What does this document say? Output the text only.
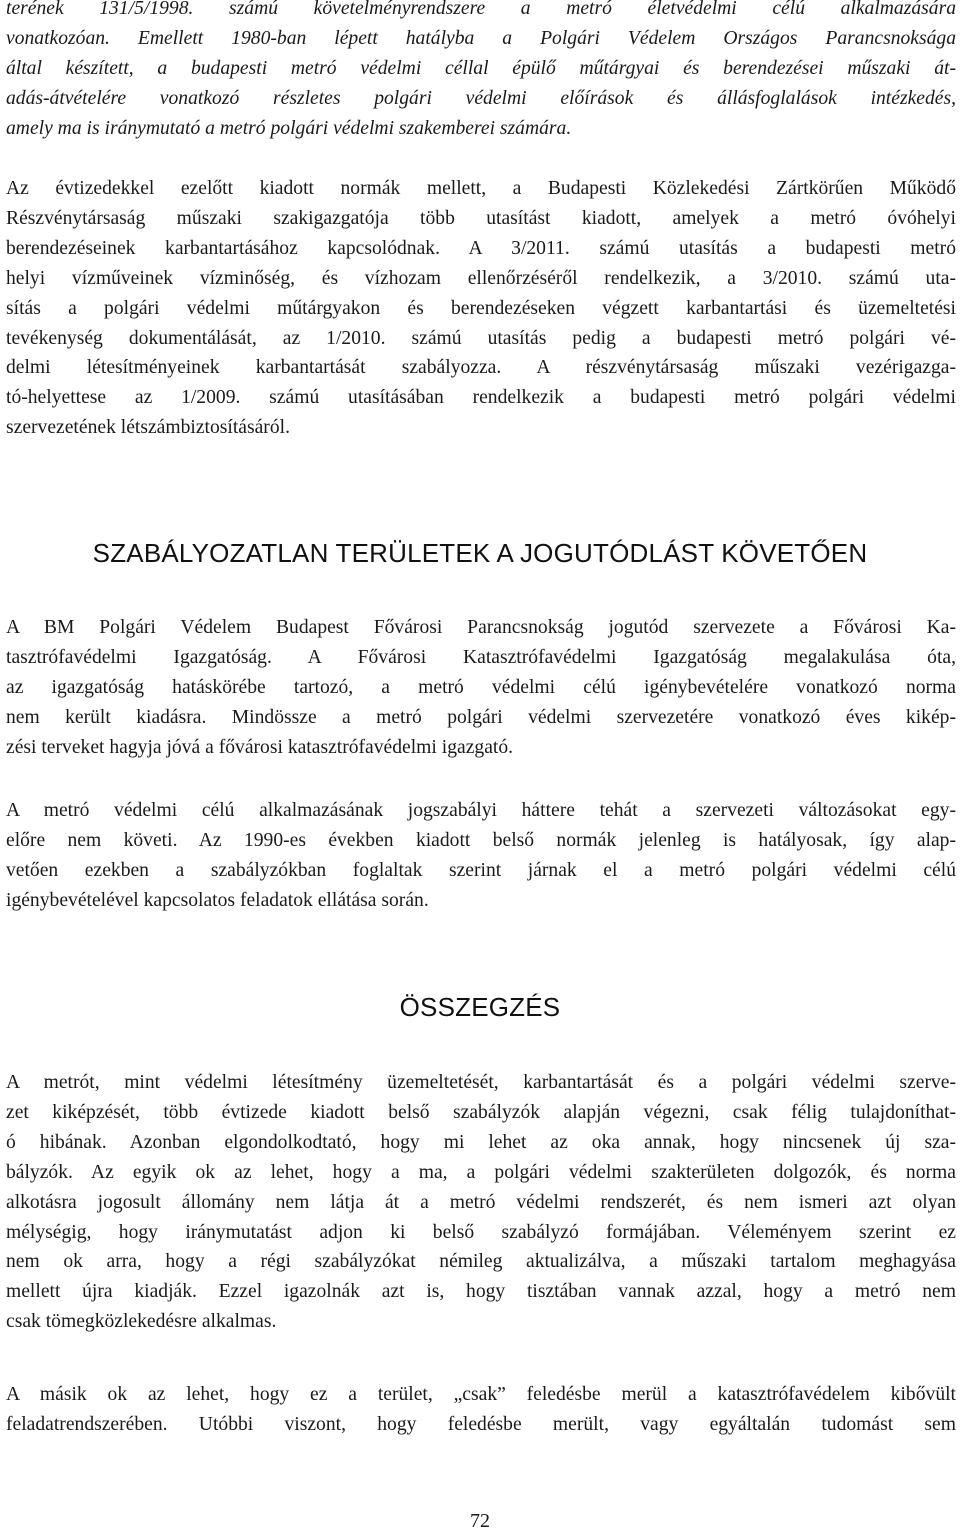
terének 131/5/1998. számú követelményrendszere a metró életvédelmi célú alkalmazására
vonatkozóan. Emellett 1980-ban lépett hatályba a Polgári Védelem Országos Parancsnoksága
által készített, a budapesti metró védelmi céllal épülő műtárgyai és berendezései műszaki át-
adás-átvételére vonatkozó részletes polgári védelmi előírások és állásfoglalások intézkedés,
amely ma is iránymutató a metró polgári védelmi szakemberei számára.
Az évtizedekkel ezelőtt kiadott normák mellett, a Budapesti Közlekedési Zártkörűen Működő
Részvénytársaság műszaki szakigazgatója több utasítást kiadott, amelyek a metró óvóhelyi
berendezéseinek karbantartásához kapcsolódnak. A 3/2011. számú utasítás a budapesti metró
helyi vízműveinek vízminőség, és vízhozam ellenőrzéséről rendelkezik, a 3/2010. számú uta-
sítás a polgári védelmi műtárgyakon és berendezéseken végzett karbantartási és üzemeltetési
tevékenység dokumentálását, az 1/2010. számú utasítás pedig a budapesti metró polgári vé-
delmi létesítményeinek karbantartását szabályozza. A részvénytársaság műszaki vezérigazga-
tó-helyettese az 1/2009. számú utasításában rendelkezik a budapesti metró polgári védelmi
szervezetének létszámbiztosításáról.
SZABÁLYOZATLAN TERÜLETEK A JOGUTÓDLÁST KÖVETŐEN
A BM Polgári Védelem Budapest Fővárosi Parancsnokság jogutód szervezete a Fővárosi Ka-
tasztrófavédelmi Igazgatóság. A Fővárosi Katasztrófavédelmi Igazgatóság megalakulása óta,
az igazgatóság hatáskörébe tartozó, a metró védelmi célú igénybevételére vonatkozó norma
nem került kiadásra. Mindössze a metró polgári védelmi szervezetére vonatkozó éves kikép-
zési terveket hagyja jóvá a fővárosi katasztrófavédelmi igazgató.
A metró védelmi célú alkalmazásának jogszabályi háttere tehát a szervezeti változásokat egy-
előre nem követi. Az 1990-es években kiadott belső normák jelenleg is hatályosak, így alap-
vetően ezekben a szabályzókban foglaltak szerint járnak el a metró polgári védelmi célú
igénybevételével kapcsolatos feladatok ellátása során.
ÖSSZEGZÉS
A metrót, mint védelmi létesítmény üzemeltetését, karbantartását és a polgári védelmi szerve-
zet kiképzését, több évtizede kiadott belső szabályzók alapján végezni, csak félig tulajdoníthat-
ó hibának. Azonban elgondolkodtató, hogy mi lehet az oka annak, hogy nincsenek új sza-
bályzók. Az egyik ok az lehet, hogy a ma, a polgári védelmi szakterületen dolgozók, és norma
alkotásra jogosult állomány nem látja át a metró védelmi rendszerét, és nem ismeri azt olyan
mélységig, hogy iránymutatást adjon ki belső szabályzó formájában. Véleményem szerint ez
nem ok arra, hogy a régi szabályzókat némileg aktualizálva, a műszaki tartalom meghagyása
mellett újra kiadják. Ezzel igazolnák azt is, hogy tisztában vannak azzal, hogy a metró nem
csak tömegközlekedésre alkalmas.
A másik ok az lehet, hogy ez a terület, „csak” feledésbe merül a katasztrófavédelem kibővült
feladatrendszerében. Utóbbi viszont, hogy feledésbe merült, vagy egyáltalán tudomást sem
72
